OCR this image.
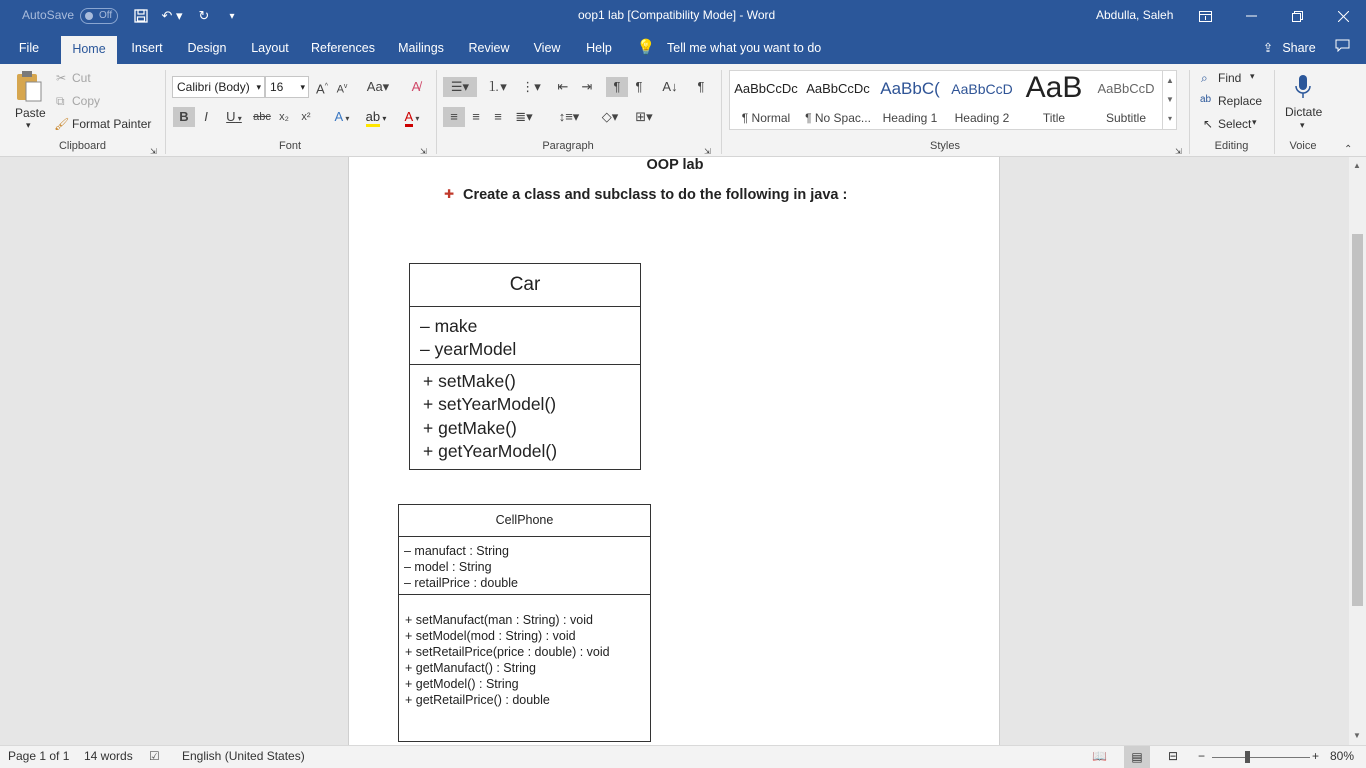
AutoSave	Off	↶ ▾	↻	▾	oop1 lab [Compatibility Mode] - Word	Abdulla, Saleh
File	Home	Insert	Design	Layout	References	Mailings	Review	View	Help	💡 Tell me what you want to do	⇪ Share
Paste
▾
✂ Cut
⧉ Copy
🖌 Format Painter
Clipboard	⇲
Calibri (Body) ▾ 16 ▾ A^ $A^v$ Aa▾	A̸
B	I	U ▾	abc x₂	x²	A ▾	ab ▾	A ▾
Font	⇲
☰▾	⒈▾	⋮▾	⇤	⇥	¶	¶	A↓	¶
≡	≡	≡	≣▾	↕≡▾	◇▾	⊞▾
Paragraph	⇲
AaBbCcDc
¶ Normal
AaBbCcDc
¶ No Spac...
AaBbC(
Heading 1
AaBbCcD
Heading 2
AaB
Title
AaBbCcD
Subtitle
▲
▼
▾
Styles	⇲
⌕ Find ▾
ab Replace
↖ Select ▾
Editing
Dictate
▾
Voice	⌃
OOP lab
✚ Create a class and subclass to do the following in java :
Car
– make
– yearModel
+ setMake()
+ setYearModel()
+ getMake()
+ getYearModel()
CellPhone
– manufact : String
– model : String
– retailPrice : double
+ setManufact(man : String) : void
+ setModel(mod : String) : void
+ setRetailPrice(price : double) : void
+ getManufact() : String
+ getModel() : String
+ getRetailPrice() : double
▲
▼
Page 1 of 1 14 words ☑ English (United States)	📖	▤	⊟ −	+ 80%
